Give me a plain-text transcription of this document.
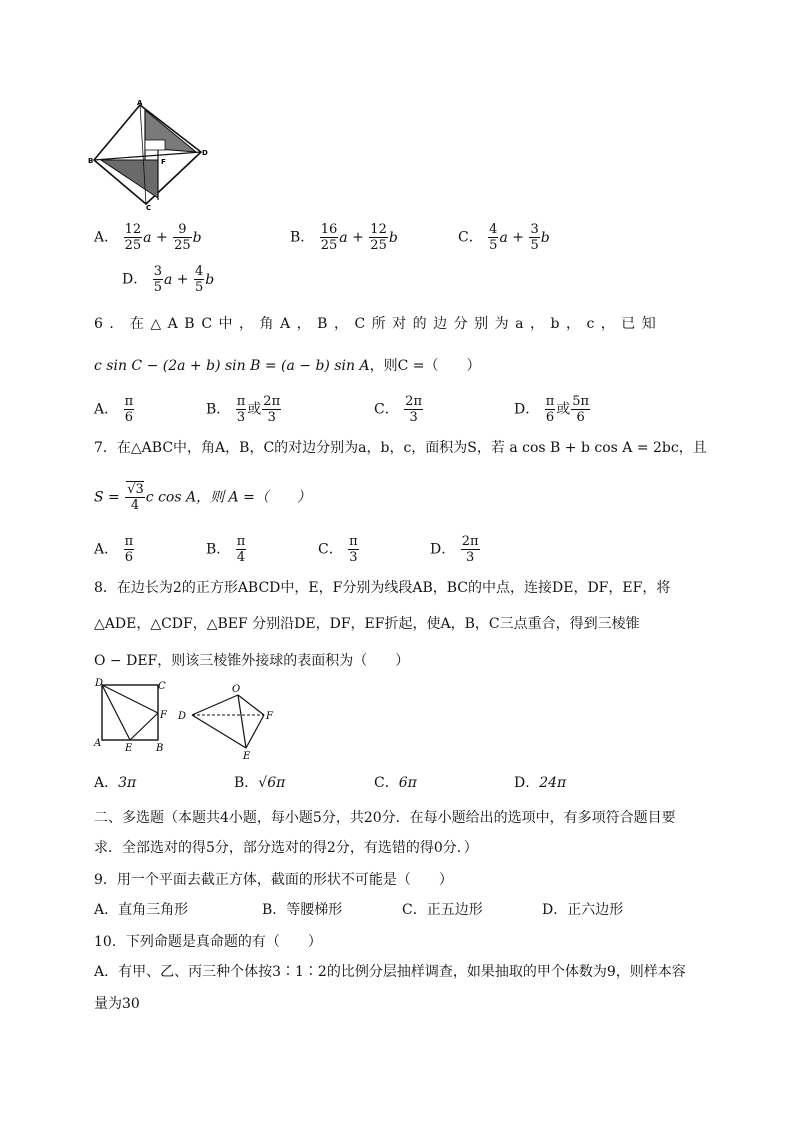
A
B
C
D
F
A． $\frac{12}{25}$ $a + \frac{9}{25}$ b	B． $\frac{16}{25}$ $a + \frac{12}{25}$ b	C． $\frac{4}{5}$ $a + \frac{3}{5}$ b
D． $\frac{3}{5}$ $a + \frac{4}{5}$ b
6．在△ABC中，角A，B，C所对的边分别为a，b，c，已知
c sin C − (2a + b) sin B = (a − b) sin A，则C =（　　）
A． $\frac{\pi}{6}$	B． $\frac{\pi}{3}$ 或 $\frac{2\pi}{3}$	C． $\frac{2\pi}{3}$	D． $\frac{\pi}{6}$ 或 $\frac{5\pi}{6}$
7．在△ABC中，角A，B，C的对边分别为a，b，c，面积为S，若 a cos B + b cos A = 2bc，且
$S = \frac{√3}{4}$ c cos A，则 A =（　　）
A． $\frac{\pi}{6}$	B． $\frac{\pi}{4}$	C． $\frac{\pi}{3}$	D． $\frac{2\pi}{3}$
8．在边长为2的正方形ABCD中，E，F分别为线段AB，BC的中点，连接DE，DF，EF，将
△ADE，△CDF，△BEF 分别沿DE，DF，EF折起，使A，B，C三点重合，得到三棱锥
O − DEF，则该三棱锥外接球的表面积为（　　）
D	C
F
A E B
O
D	F
E
A．3π	B．√6π	C．6π	D．24π
二、多选题（本题共4小题，每小题5分，共20分．在每小题给出的选项中，有多项符合题目要
求．全部选对的得5分，部分选对的得2分，有选错的得0分．）
9．用一个平面去截正方体，截面的形状不可能是（　　）
A．直角三角形	B．等腰梯形	C．正五边形	D．正六边形
10．下列命题是真命题的有（　　）
A．有甲、乙、丙三种个体按3∶1∶2的比例分层抽样调查，如果抽取的甲个体数为9，则样本容
量为30
